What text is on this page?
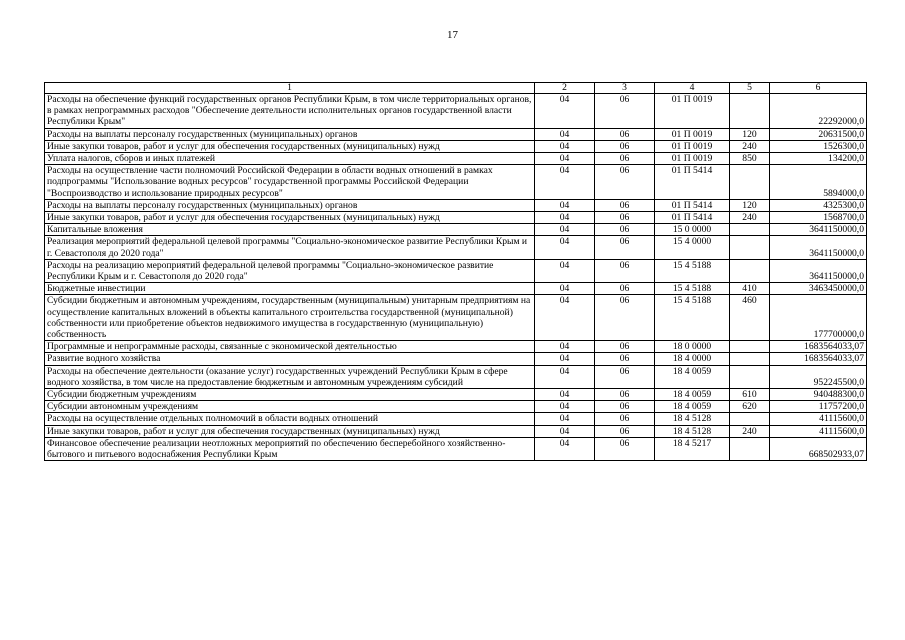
17
1	2	3	4	5	6
Расходы на обеспечение функций государственных органов Республики Крым, в том числе территориальных органов, в рамках непрограммных расходов "Обеспечение деятельности исполнительных органов государственной власти Республики Крым"	04	06	01 П 0019		22292000,0
Расходы на выплаты персоналу государственных (муниципальных) органов	04	06	01 П 0019	120	20631500,0
Иные закупки товаров, работ и услуг для обеспечения государственных (муниципальных) нужд	04	06	01 П 0019	240	1526300,0
Уплата налогов, сборов и иных платежей	04	06	01 П 0019	850	134200,0
Расходы на осуществление части полномочий Российской Федерации в области водных отношений в рамках подпрограммы "Использование водных ресурсов" государственной программы Российской Федерации "Воспроизводство и использование природных ресурсов"	04	06	01 П 5414		5894000,0
Расходы на выплаты персоналу государственных (муниципальных) органов	04	06	01 П 5414	120	4325300,0
Иные закупки товаров, работ и услуг для обеспечения государственных (муниципальных) нужд	04	06	01 П 5414	240	1568700,0
Капитальные вложения	04	06	15 0 0000		3641150000,0
Реализация мероприятий федеральной целевой программы "Социально-экономическое развитие Республики Крым и г. Севастополя до 2020 года"	04	06	15 4 0000		3641150000,0
Расходы на реализацию мероприятий федеральной целевой программы "Социально-экономическое развитие Республики Крым и г. Севастополя до 2020 года"	04	06	15 4 5188		3641150000,0
Бюджетные инвестиции	04	06	15 4 5188	410	3463450000,0
Субсидии бюджетным и автономным учреждениям, государственным (муниципальным) унитарным предприятиям на осуществление капитальных вложений в объекты капитального строительства государственной (муниципальной) собственности или приобретение объектов недвижимого имущества в государственную (муниципальную) собственность	04	06	15 4 5188	460	177700000,0
Программные и непрограммные расходы, связанные с экономической деятельностью	04	06	18 0 0000		1683564033,07
Развитие водного хозяйства	04	06	18 4 0000		1683564033,07
Расходы на обеспечение деятельности (оказание услуг) государственных учреждений Республики Крым в сфере водного хозяйства, в том числе на предоставление бюджетным и автономным учреждениям субсидий	04	06	18 4 0059		952245500,0
Субсидии бюджетным учреждениям	04	06	18 4 0059	610	940488300,0
Субсидии автономным учреждениям	04	06	18 4 0059	620	11757200,0
Расходы на осуществление отдельных полномочий в области водных отношений	04	06	18 4 5128		41115600,0
Иные закупки товаров, работ и услуг для обеспечения государственных (муниципальных) нужд	04	06	18 4 5128	240	41115600,0
Финансовое обеспечение реализации неотложных мероприятий по обеспечению бесперебойного хозяйственно-бытового и питьевого водоснабжения Республики Крым	04	06	18 4 5217		668502933,07
